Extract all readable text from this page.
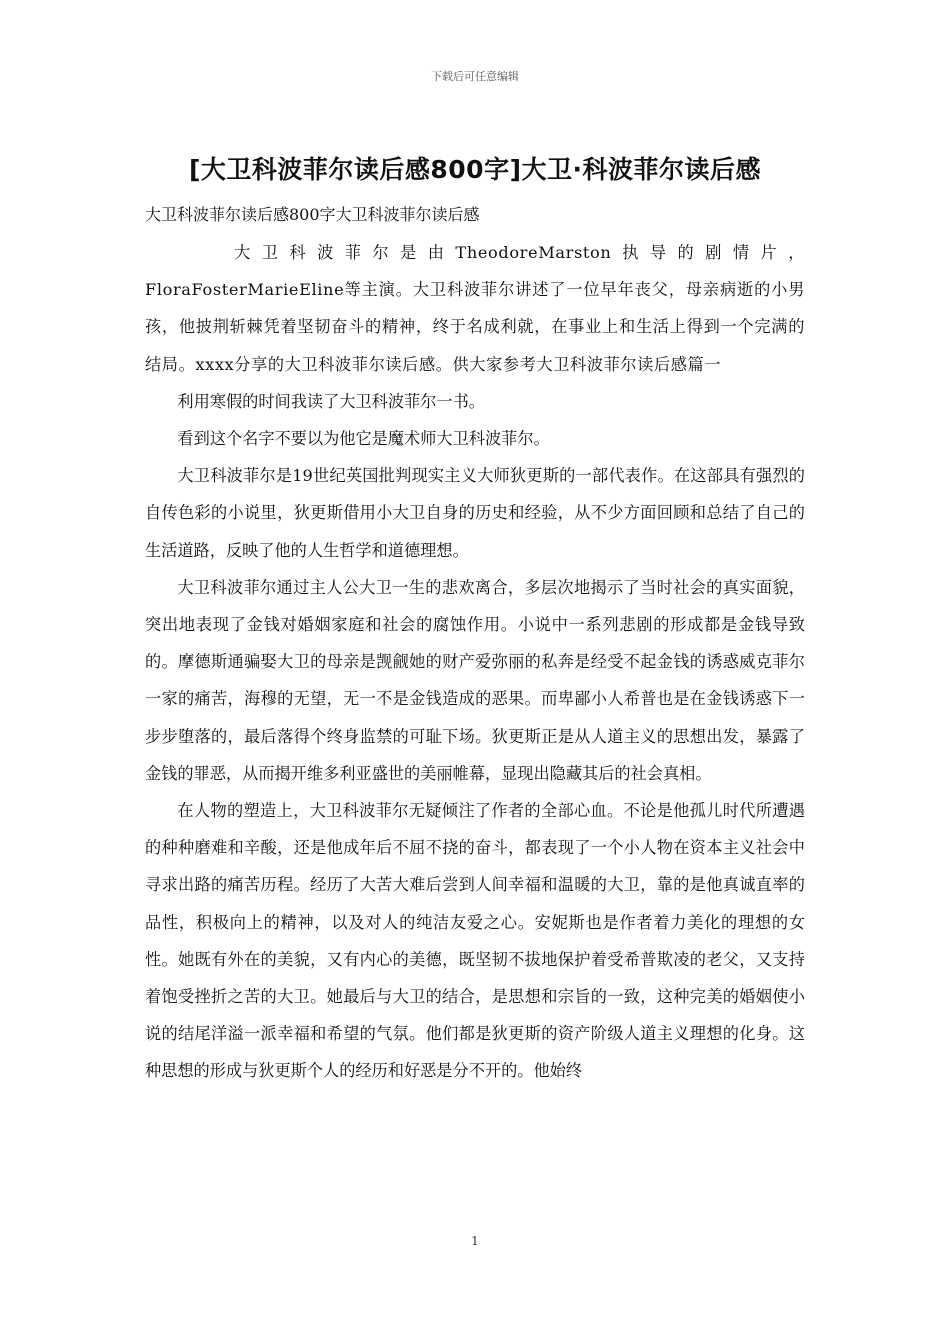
下载后可任意编辑
[大卫科波菲尔读后感800字]大卫·科波菲尔读后感
大卫科波菲尔读后感800字大卫科波菲尔读后感

大卫科波菲尔是由TheodoreMarston执导的剧情片，FloraFosterMarieEline等主演。大卫科波菲尔讲述了一位早年丧父，母亲病逝的小男孩，他披荆斩棘凭着坚韧奋斗的精神，终于名成利就，在事业上和生活上得到一个完满的结局。xxxx分享的大卫科波菲尔读后感。供大家参考大卫科波菲尔读后感篇一

利用寒假的时间我读了大卫科波菲尔一书。

看到这个名字不要以为他它是魔术师大卫科波菲尔。

大卫科波菲尔是19世纪英国批判现实主义大师狄更斯的一部代表作。在这部具有强烈的自传色彩的小说里，狄更斯借用小大卫自身的历史和经验，从不少方面回顾和总结了自己的生活道路，反映了他的人生哲学和道德理想。

大卫科波菲尔通过主人公大卫一生的悲欢离合，多层次地揭示了当时社会的真实面貌，突出地表现了金钱对婚姻家庭和社会的腐蚀作用。小说中一系列悲剧的形成都是金钱导致的。摩德斯通骗娶大卫的母亲是觊觎她的财产爱弥丽的私奔是经受不起金钱的诱惑威克菲尔一家的痛苦，海穆的无望，无一不是金钱造成的恶果。而卑鄙小人希普也是在金钱诱惑下一步步堕落的，最后落得个终身监禁的可耻下场。狄更斯正是从人道主义的思想出发，暴露了金钱的罪恶，从而揭开维多利亚盛世的美丽帷幕，显现出隐藏其后的社会真相。

在人物的塑造上，大卫科波菲尔无疑倾注了作者的全部心血。不论是他孤儿时代所遭遇的种种磨难和辛酸，还是他成年后不屈不挠的奋斗，都表现了一个小人物在资本主义社会中寻求出路的痛苦历程。经历了大苦大难后尝到人间幸福和温暖的大卫，靠的是他真诚直率的品性，积极向上的精神，以及对人的纯洁友爱之心。安妮斯也是作者着力美化的理想的女性。她既有外在的美貌，又有内心的美德，既坚韧不拔地保护着受希普欺凌的老父，又支持着饱受挫折之苦的大卫。她最后与大卫的结合，是思想和宗旨的一致，这种完美的婚姻使小说的结尾洋溢一派幸福和希望的气氛。他们都是狄更斯的资产阶级人道主义理想的化身。这种思想的形成与狄更斯个人的经历和好恶是分不开的。他始终

1
